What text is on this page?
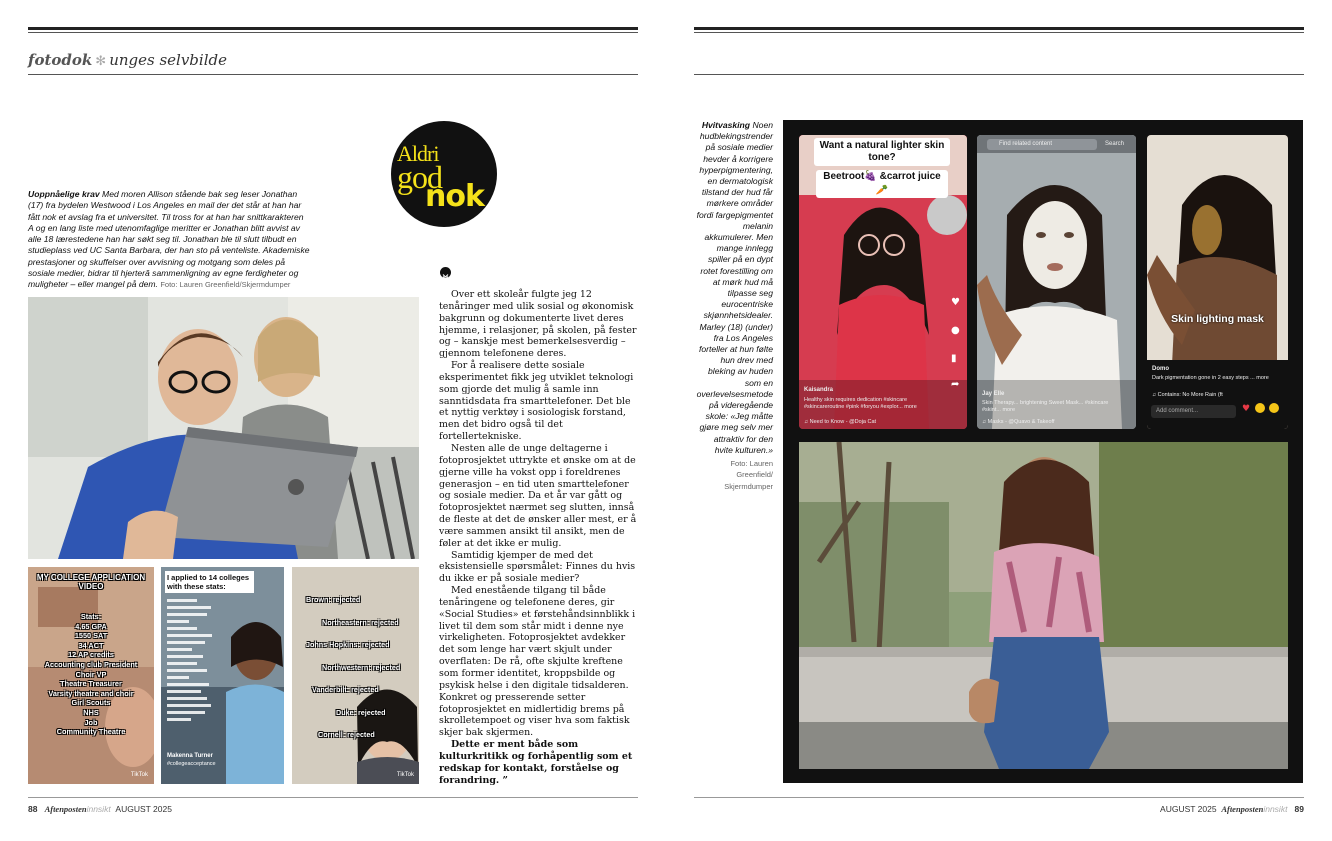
fotodok ✻ unges selvbilde
Aldri
god
nok
Uoppnåelige krav Med moren Allison stående bak seg leser Jonathan (17) fra bydelen Westwood i Los Angeles en mail der det står at han har fått nok et avslag fra et universitet. Til tross for at han har snittkarakteren A og en lang liste med utenomfaglige meritter er Jonathan blitt avvist av alle 18 lærestedene han har søkt seg til. Jonathan ble til slutt tilbudt en studieplass ved UC Santa Barbara, der han sto på venteliste. Akademiske prestasjoner og skuffelser over avvisning og motgang som deles på sosiale medier, bidrar til hjerteră sammenligning av egne ferdigheter og muligheter – eller mangel på dem. Foto: Lauren Greenfield/Skjermdumper
MY COLLEGE APPLICATION VIDEO
Stats:
4.65 GPA
1550 SAT
34 ACT
12 AP credits
Accounting club President
Choir VP
Theatre Treasurer
Varsity theatre and choir
Girl Scouts
NHS
Job
Community Theatre
TikTok
I applied to 14 colleges with these stats:
Makenna Turner
#collegeacceptance
Brown: rejected
Northeastern: rejected
Johns Hopkins: rejected
Northwestern: rejected
Vanderbilt: rejected
Duke: rejected
Cornell: rejected
TikTok

Over ett skoleår fulgte jeg 12 tenåringer med ulik sosial og økonomisk bakgrunn og dokumenterte livet deres hjemme, i relasjoner, på skolen, på fester og – kanskje mest bemerkelsesverdig – gjennom telefonene deres.

For å realisere dette sosiale eksperimentet fikk jeg utviklet teknologi som gjorde det mulig å samle inn sanntidsdata fra smarttelefoner. Det ble et nyttig verktøy i sosiologisk forstand, men det bidro også til det fortellertekniske.

Nesten alle de unge deltagerne i fotoprosjektet uttrykte et ønske om at de gjerne ville ha vokst opp i foreldrenes generasjon – en tid uten smarttelefoner og sosiale medier. Da et år var gått og fotoprosjektet nærmet seg slutten, innså de fleste at det de ønsker aller mest, er å være sammen ansikt til ansikt, men de føler at det ikke er mulig.

Samtidig kjemper de med det eksistensielle spørsmålet: Finnes du hvis du ikke er på sosiale medier?

Med enestående tilgang til både tenåringene og telefonene deres, gir «Social Studies» et førstehåndsinnblikk i livet til dem som står midt i denne nye virkeligheten. Fotoprosjektet avdekker det som lenge har vært skjult under overflaten: De rå, ofte skjulte kreftene som former identitet, kroppsbilde og psykisk helse i den digitale tidsalderen. Konkret og presserende setter fotoprosjektet en midlertidig brems på skrolletempoet og viser hva som faktisk skjer bak skjermen.

Dette er ment både som kulturkritikk og forhåpentlig som et redskap for kontakt, forståelse og forandring. ”

88 Aftenposteninnsikt AUGUST 2025
Hvitvasking Noen hudblekingstrender på sosiale medier hevder å korrigere hyperpigmentering, en dermatologisk tilstand der hud får mørkere områder fordi fargepigmentet melanin akkumulerer. Men mange innlegg spiller på en dypt rotet forestilling om at mørk hud må tilpasse seg eurocentriske skjønnhetsidealer. Marley (18) (under) fra Los Angeles forteller at hun følte hun drev med bleking av huden som en overlevelsesmetode på videregående skole: «Jeg måtte gjøre meg selv mer attraktiv for den hvite kulturen.»
Foto: Lauren Greenfield/ Skjermdumper
Want a natural lighter skin tone?
Beetroot🍇 &carrot juice 🥕
Kaisandra
Healthy skin requires dedication #skincare #skincareroutine #pink #foryou #explor... more
♫ Need to Know - @Doja Cat
♥
●
▮
➦
Find related content	Search
Jay Elle
Skin Therapy... brightening Sweet Mask... #skincare #skint... more
♫ Masks - @Quavo & Takeoff
Skin lighting mask
Domo
Dark pigmentation gone in 2 easy steps ... more
♫ Contains: No More Rain (ft
Add comment...	♥
AUGUST 2025 Aftenposteninnsikt 89
